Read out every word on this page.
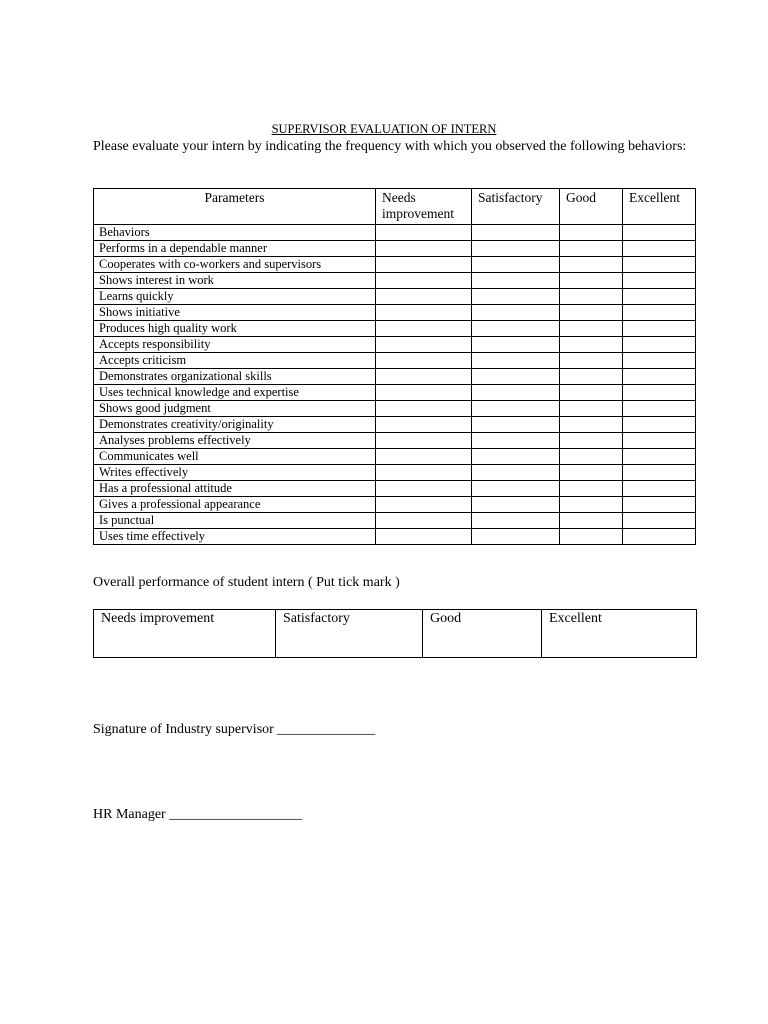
SUPERVISOR EVALUATION OF INTERN
Please evaluate your intern by indicating the frequency with which you observed the following behaviors:
Parameters	Needs improvement	Satisfactory	Good	Excellent
Behaviors				
Performs in a dependable manner				
Cooperates with co-workers and supervisors				
Shows interest in work				
Learns quickly				
Shows initiative				
Produces high quality work				
Accepts responsibility				
Accepts criticism				
Demonstrates organizational skills				
Uses technical knowledge and expertise				
Shows good judgment				
Demonstrates creativity/originality				
Analyses problems effectively				
Communicates well				
Writes effectively				
Has a professional attitude				
Gives a professional appearance				
Is punctual				
Uses time effectively				
Overall performance of student intern ( Put tick mark )
Needs improvement	Satisfactory	Good	Excellent
Signature of Industry supervisor ______________
HR Manager ___________________
